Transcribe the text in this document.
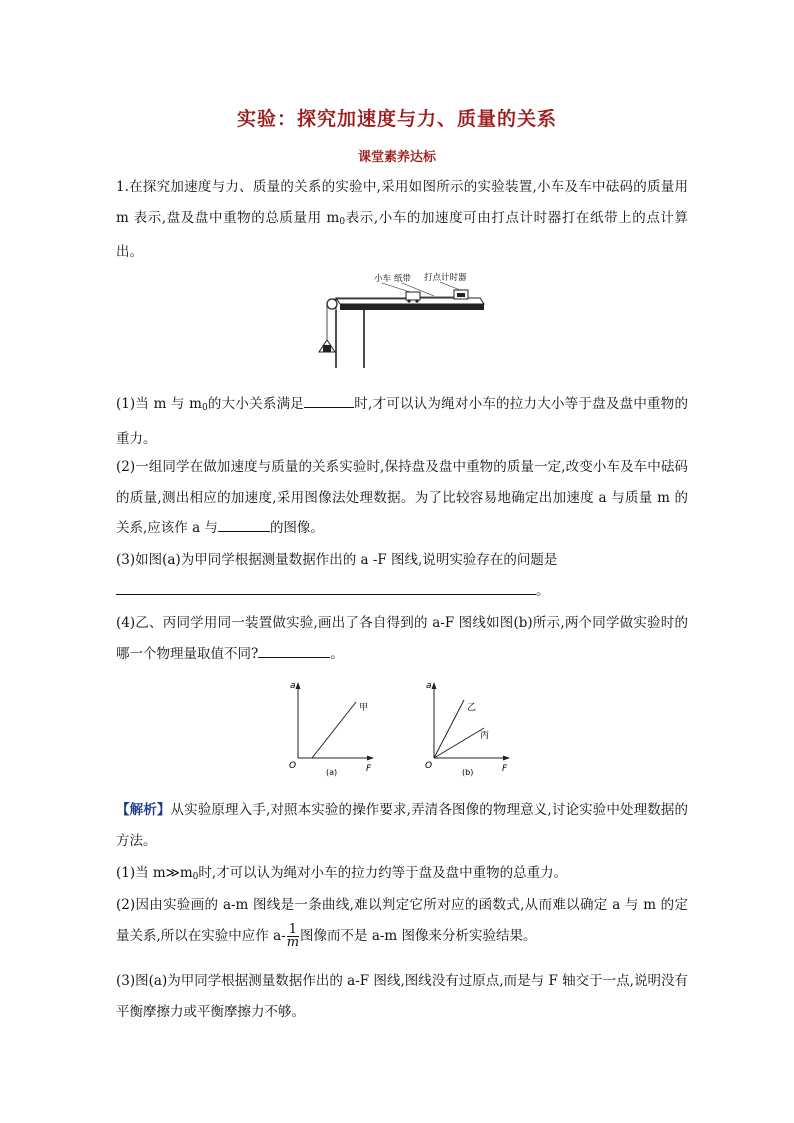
实验：探究加速度与力、质量的关系
课堂素养达标
1.在探究加速度与力、质量的关系的实验中,采用如图所示的实验装置,小车及车中砝码的质量用 m 表示,盘及盘中重物的总质量用 $m_0$表示,小车的加速度可由打点计时器打在纸带上的点计算出。
小车 纸带 打点计时器
(1)当 m 与 $m_0$的大小关系满足	时,才可以认为绳对小车的拉力大小等于盘及盘中重物的重力。
(2)一组同学在做加速度与质量的关系实验时,保持盘及盘中重物的质量一定,改变小车及车中砝码的质量,测出相应的加速度,采用图像法处理数据。为了比较容易地确定出加速度 a 与质量 m 的关系,应该作 a 与	的图像。
(3)如图(a)为甲同学根据测量数据作出的 a -F 图线,说明实验存在的问题是
。
(4)乙、丙同学用同一装置做实验,画出了各自得到的 a-F 图线如图(b)所示,两个同学做实验时的哪一个物理量取值不同?	。
a
F
O
甲
(a)
a
F
O
乙
丙
(b)
【解析】从实验原理入手,对照本实验的操作要求,弄清各图像的物理意义,讨论实验中处理数据的方法。
(1)当 $m≫m_0$时,才可以认为绳对小车的拉力约等于盘及盘中重物的总重力。
(2)因由实验画的 a-m 图线是一条曲线,难以判定它所对应的函数式,从而难以确定 a 与 m 的定量关系,所以在实验中应作 $a- \frac{1}{m}$ 图像而不是 a-m 图像来分析实验结果。
(3)图(a)为甲同学根据测量数据作出的 a-F 图线,图线没有过原点,而是与 F 轴交于一点,说明没有平衡摩擦力或平衡摩擦力不够。
